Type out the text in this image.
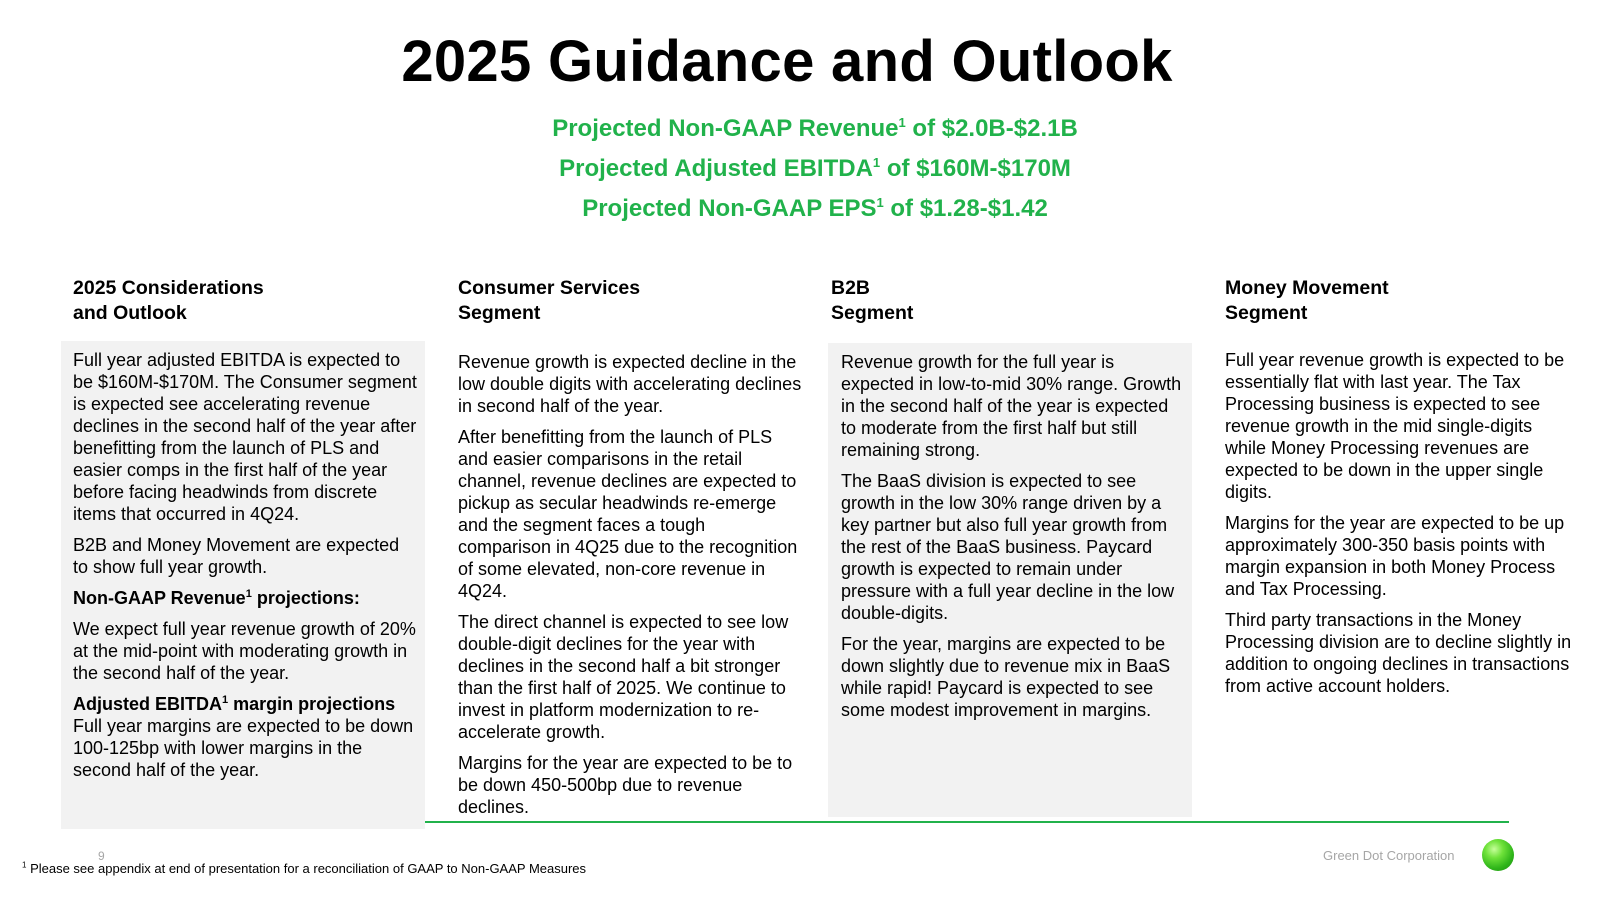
2025 Guidance and Outlook
Projected Non-GAAP Revenue$^1$ of $2.0B-$2.1B
Projected Adjusted EBITDA$^1$ of $160M-$170M
Projected Non-GAAP EPS$^1$ of $1.28-$1.42
2025 Considerations
and Outlook
Consumer Services
Segment
B2B
Segment
Money Movement
Segment

Full year adjusted EBITDA is expected to be $160M-$170M. The Consumer segment is expected see accelerating revenue declines in the second half of the year after benefitting from the launch of PLS and easier comps in the first half of the year before facing headwinds from discrete items that occurred in 4Q24.

B2B and Money Movement are expected to show full year growth.

Non-GAAP Revenue$^1$ projections:

We expect full year revenue growth of 20% at the mid-point with moderating growth in the second half of the year.

Adjusted EBITDA$^1$ margin projections

Full year margins are expected to be down 100-125bp with lower margins in the second half of the year.

Revenue growth is expected decline in the low double digits with accelerating declines in second half of the year.

After benefitting from the launch of PLS and easier comparisons in the retail channel, revenue declines are expected to pickup as secular headwinds re-emerge and the segment faces a tough comparison in 4Q25 due to the recognition of some elevated, non-core revenue in 4Q24.

The direct channel is expected to see low double-digit declines for the year with declines in the second half a bit stronger than the first half of 2025. We continue to invest in platform modernization to re-accelerate growth.

Margins for the year are expected to be to be down 450-500bp due to revenue declines.

Revenue growth for the full year is expected in low-to-mid 30% range. Growth in the second half of the year is expected to moderate from the first half but still remaining strong.

The BaaS division is expected to see growth in the low 30% range driven by a key partner but also full year growth from the rest of the BaaS business. Paycard growth is expected to remain under pressure with a full year decline in the low double-digits.

For the year, margins are expected to be down slightly due to revenue mix in BaaS while rapid! Paycard is expected to see some modest improvement in margins.

Full year revenue growth is expected to be essentially flat with last year. The Tax Processing business is expected to see revenue growth in the mid single-digits while Money Processing revenues are expected to be down in the upper single digits.

Margins for the year are expected to be up approximately 300-350 basis points with margin expansion in both Money Process and Tax Processing.

Third party transactions in the Money Processing division are to decline slightly in addition to ongoing declines in transactions from active account holders.

9
$^1$ Please see appendix at end of presentation for a reconciliation of GAAP to Non-GAAP Measures
Green Dot Corporation
